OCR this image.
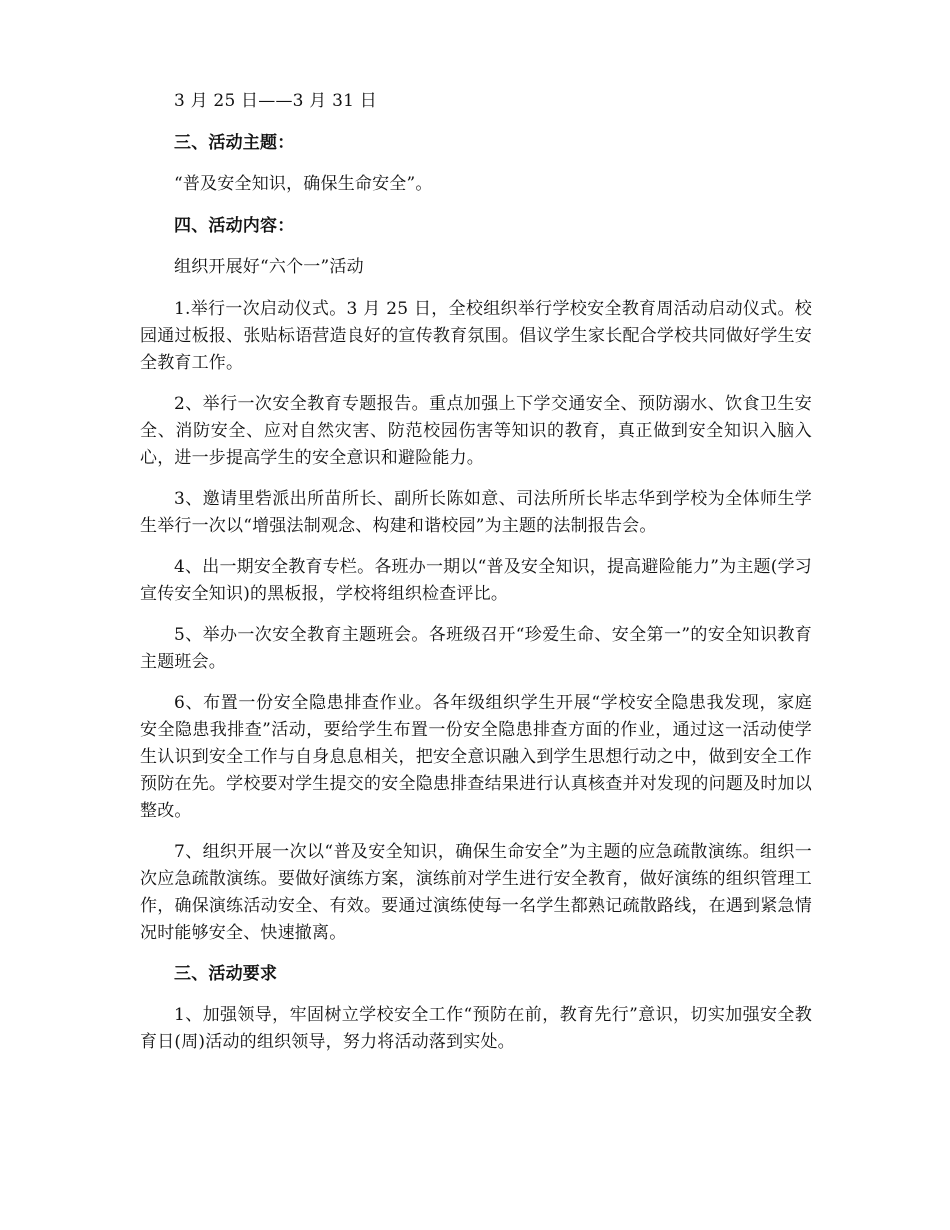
3 月 25 日——3 月 31 日

三、活动主题：

“普及安全知识，确保生命安全”。

四、活动内容：

组织开展好“六个一”活动

1.举行一次启动仪式。3 月 25 日，全校组织举行学校安全教育周活动启动仪式。校园通过板报、张贴标语营造良好的宣传教育氛围。倡议学生家长配合学校共同做好学生安全教育工作。

2、举行一次安全教育专题报告。重点加强上下学交通安全、预防溺水、饮食卫生安全、消防安全、应对自然灾害、防范校园伤害等知识的教育，真正做到安全知识入脑入心，进一步提高学生的安全意识和避险能力。

3、邀请里砦派出所苗所长、副所长陈如意、司法所所长毕志华到学校为全体师生学生举行一次以“增强法制观念、构建和谐校园”为主题的法制报告会。

4、出一期安全教育专栏。各班办一期以“普及安全知识，提高避险能力”为主题(学习宣传安全知识)的黑板报，学校将组织检查评比。

5、举办一次安全教育主题班会。各班级召开“珍爱生命、安全第一”的安全知识教育主题班会。

6、布置一份安全隐患排查作业。各年级组织学生开展“学校安全隐患我发现，家庭安全隐患我排查”活动，要给学生布置一份安全隐患排查方面的作业，通过这一活动使学生认识到安全工作与自身息息相关，把安全意识融入到学生思想行动之中，做到安全工作预防在先。学校要对学生提交的安全隐患排查结果进行认真核查并对发现的问题及时加以整改。

7、组织开展一次以“普及安全知识，确保生命安全”为主题的应急疏散演练。组织一次应急疏散演练。要做好演练方案，演练前对学生进行安全教育，做好演练的组织管理工作，确保演练活动安全、有效。要通过演练使每一名学生都熟记疏散路线，在遇到紧急情况时能够安全、快速撤离。

三、活动要求

1、加强领导，牢固树立学校安全工作“预防在前，教育先行”意识，切实加强安全教育日(周)活动的组织领导，努力将活动落到实处。
